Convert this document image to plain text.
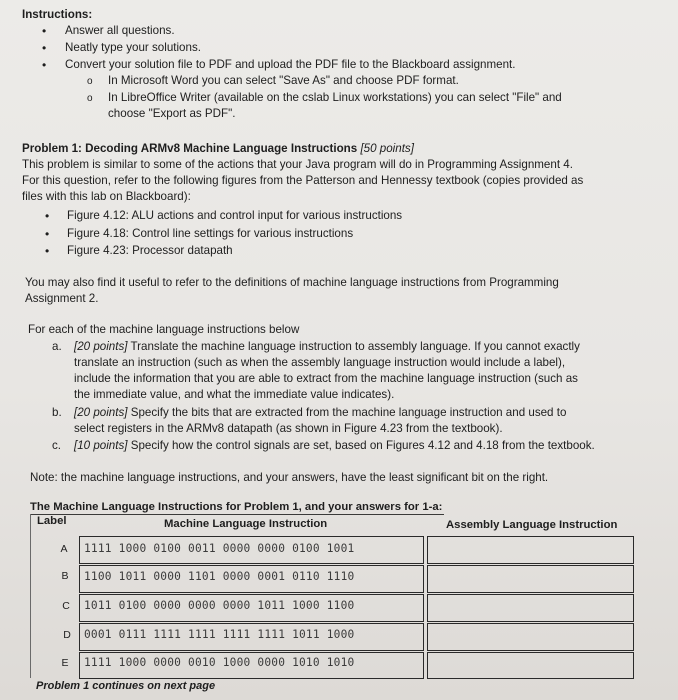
Instructions:
• Answer all questions.
• Neatly type your solutions.
• Convert your solution file to PDF and upload the PDF file to the Blackboard assignment.
o In Microsoft Word you can select "Save As" and choose PDF format.
o In LibreOffice Writer (available on the cslab Linux workstations) you can select "File" and
choose "Export as PDF".
Problem 1: Decoding ARMv8 Machine Language Instructions [50 points]
This problem is similar to some of the actions that your Java program will do in Programming Assignment 4.
For this question, refer to the following figures from the Patterson and Hennessy textbook (copies provided as
files with this lab on Blackboard):
• Figure 4.12: ALU actions and control input for various instructions
• Figure 4.18: Control line settings for various instructions
• Figure 4.23: Processor datapath
You may also find it useful to refer to the definitions of machine language instructions from Programming
Assignment 2.
For each of the machine language instructions below
a. [20 points] Translate the machine language instruction to assembly language. If you cannot exactly
translate an instruction (such as when the assembly language instruction would include a label),
include the information that you are able to extract from the machine language instruction (such as
the immediate value, and what the immediate value indicates).
b. [20 points] Specify the bits that are extracted from the machine language instruction and used to
select registers in the ARMv8 datapath (as shown in Figure 4.23 from the textbook).
c. [10 points] Specify how the control signals are set, based on Figures 4.12 and 4.18 from the textbook.
Note: the machine language instructions, and your answers, have the least significant bit on the right.
The Machine Language Instructions for Problem 1, and your answers for 1-a:
Label	Machine Language Instruction	Assembly Language Instruction
A	1111 1000 0100 0011 0000 0000 0100 1001
B	1100 1011 0000 1101 0000 0001 0110 1110
C	1011 0100 0000 0000 0000 1011 1000 1100
D	0001 0111 1111 1111 1111 1111 1011 1000
E	1111 1000 0000 0010 1000 0000 1010 1010
Problem 1 continues on next page
